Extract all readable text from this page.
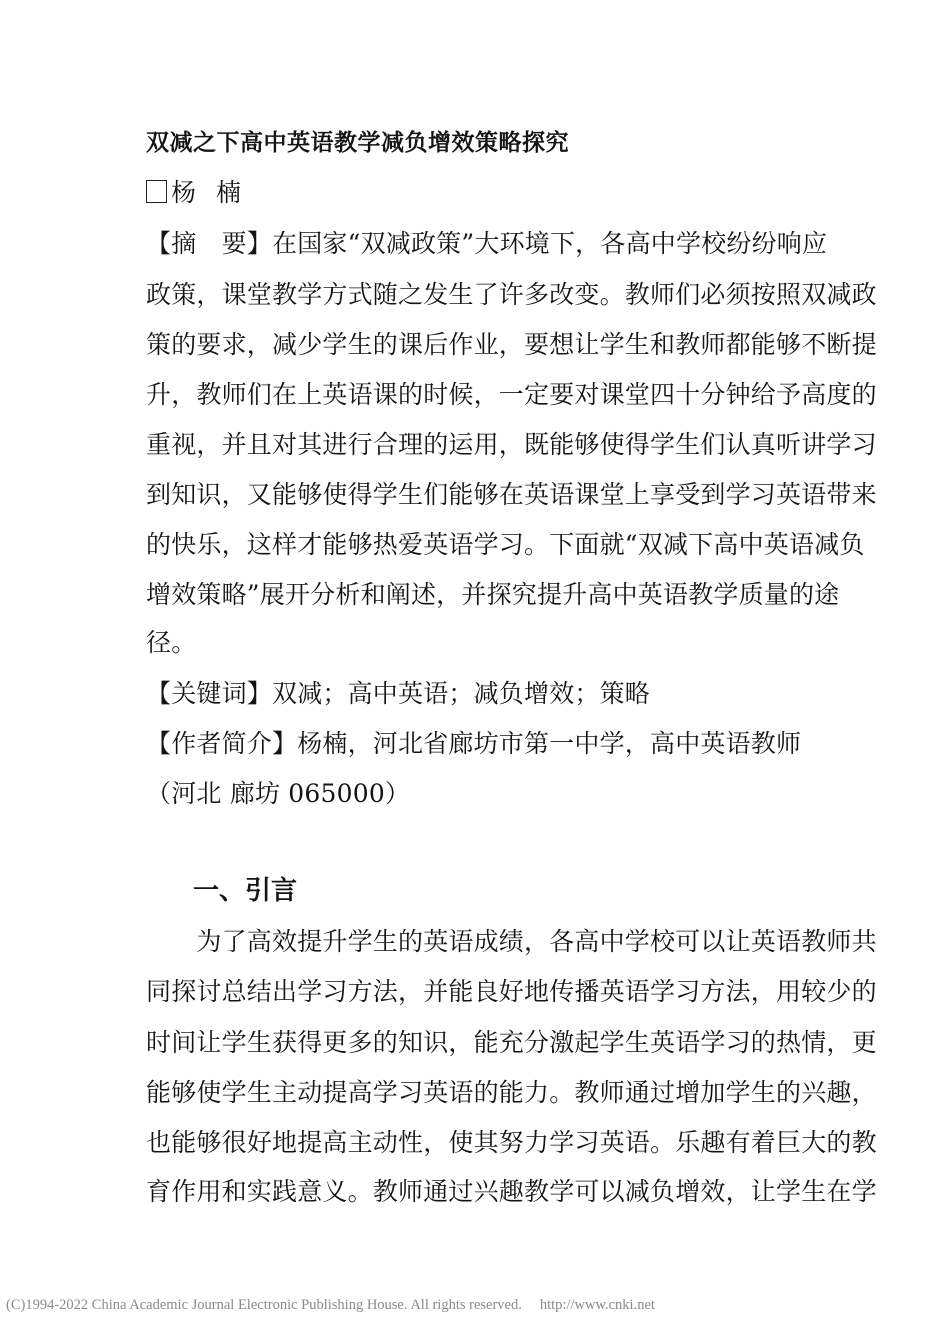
双减之下高中英语教学减负增效策略探究
杨 楠
【摘　要】在国家“双减政策”大环境下，各高中学校纷纷响应
政策，课堂教学方式随之发生了许多改变。教师们必须按照双减政
策的要求，减少学生的课后作业，要想让学生和教师都能够不断提
升，教师们在上英语课的时候，一定要对课堂四十分钟给予高度的
重视，并且对其进行合理的运用，既能够使得学生们认真听讲学习
到知识，又能够使得学生们能够在英语课堂上享受到学习英语带来
的快乐，这样才能够热爱英语学习。下面就“双减下高中英语减负
增效策略”展开分析和阐述，并探究提升高中英语教学质量的途
径。
【关键词】双减；高中英语；减负增效；策略
【作者简介】杨楠，河北省廊坊市第一中学，高中英语教师
（河北 廊坊 065000）
一、引言
　　为了高效提升学生的英语成绩，各高中学校可以让英语教师共
同探讨总结出学习方法，并能良好地传播英语学习方法，用较少的
时间让学生获得更多的知识，能充分激起学生英语学习的热情，更
能够使学生主动提高学习英语的能力。教师通过增加学生的兴趣，
也能够很好地提高主动性，使其努力学习英语。乐趣有着巨大的教
育作用和实践意义。教师通过兴趣教学可以减负增效，让学生在学
(C)1994-2022 China Academic Journal Electronic Publishing House. All rights reserved. http://www.cnki.net
